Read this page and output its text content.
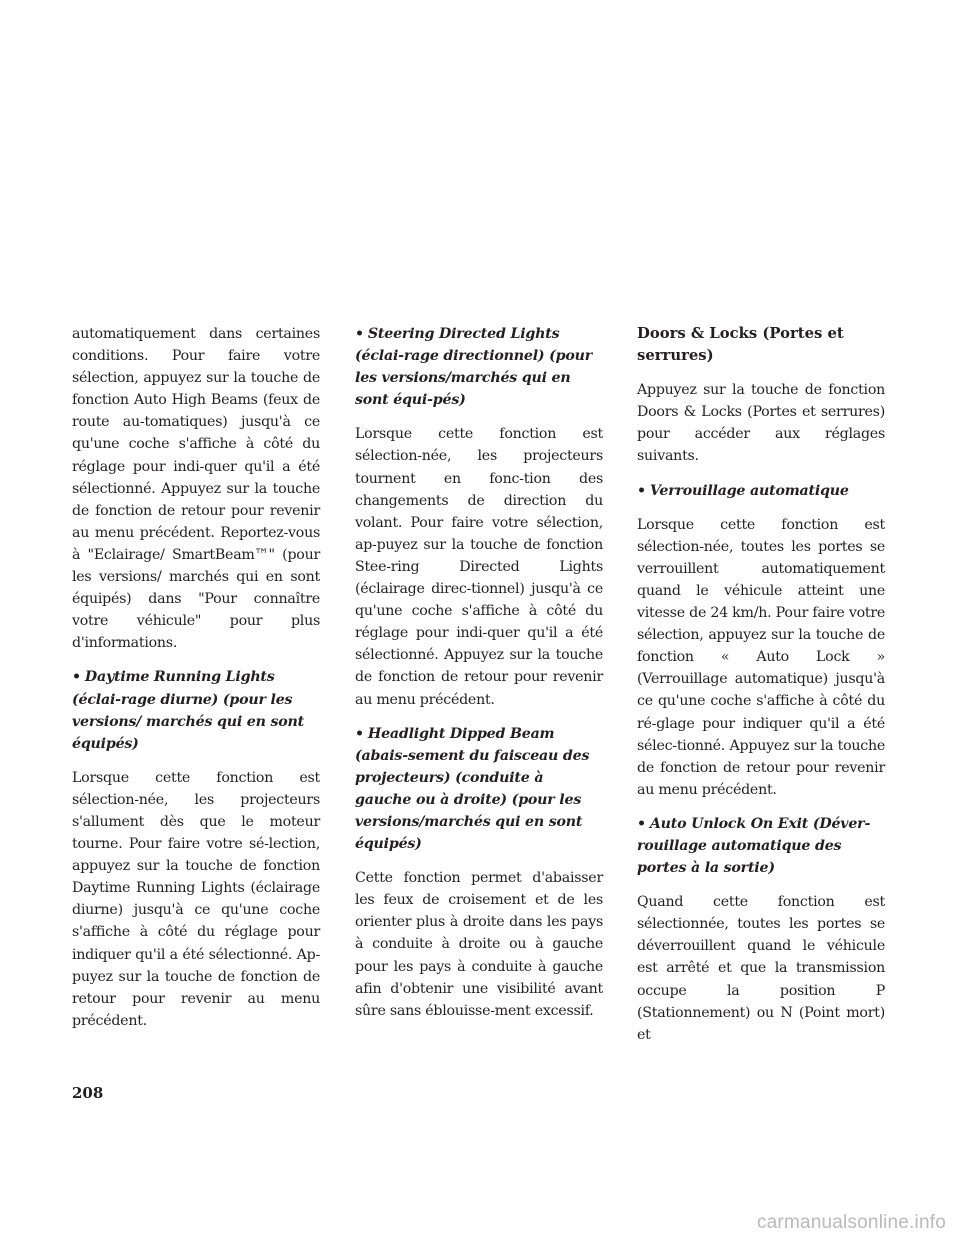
automatiquement dans certaines conditions. Pour faire votre sélection, appuyez sur la touche de fonction Auto High Beams (feux de route au-tomatiques) jusqu'à ce qu'une coche s'affiche à côté du réglage pour indi-quer qu'il a été sélectionné. Appuyez sur la touche de fonction de retour pour revenir au menu précédent. Reportez-vous à "Eclairage/ SmartBeam™" (pour les versions/ marchés qui en sont équipés) dans "Pour connaître votre véhicule" pour plus d'informations.

• Daytime Running Lights (éclai-rage diurne) (pour les versions/ marchés qui en sont équipés)

Lorsque cette fonction est sélection-née, les projecteurs s'allument dès que le moteur tourne. Pour faire votre sé-lection, appuyez sur la touche de fonction Daytime Running Lights (éclairage diurne) jusqu'à ce qu'une coche s'affiche à côté du réglage pour indiquer qu'il a été sélectionné. Ap-puyez sur la touche de fonction de retour pour revenir au menu précédent.

• Steering Directed Lights (éclai-rage directionnel) (pour les versions/marchés qui en sont équi-pés)

Lorsque cette fonction est sélection-née, les projecteurs tournent en fonc-tion des changements de direction du volant. Pour faire votre sélection, ap-puyez sur la touche de fonction Stee-ring Directed Lights (éclairage direc-tionnel) jusqu'à ce qu'une coche s'affiche à côté du réglage pour indi-quer qu'il a été sélectionné. Appuyez sur la touche de fonction de retour pour revenir au menu précédent.

• Headlight Dipped Beam (abais-sement du faisceau des projecteurs) (conduite à gauche ou à droite) (pour les versions/marchés qui en sont équipés)

Cette fonction permet d'abaisser les feux de croisement et de les orienter plus à droite dans les pays à conduite à droite ou à gauche pour les pays à conduite à gauche afin d'obtenir une visibilité avant sûre sans éblouisse-ment excessif.

Doors & Locks (Portes et serrures)

Appuyez sur la touche de fonction Doors & Locks (Portes et serrures) pour accéder aux réglages suivants.

• Verrouillage automatique

Lorsque cette fonction est sélection-née, toutes les portes se verrouillent automatiquement quand le véhicule atteint une vitesse de 24 km/h. Pour faire votre sélection, appuyez sur la touche de fonction « Auto Lock » (Verrouillage automatique) jusqu'à ce qu'une coche s'affiche à côté du ré-glage pour indiquer qu'il a été sélec-tionné. Appuyez sur la touche de fonction de retour pour revenir au menu précédent.

• Auto Unlock On Exit (Déver-rouillage automatique des portes à la sortie)

Quand cette fonction est sélectionnée, toutes les portes se déverrouillent quand le véhicule est arrêté et que la transmission occupe la position P (Stationnement) ou N (Point mort) et

208
carmanualsonline.info
